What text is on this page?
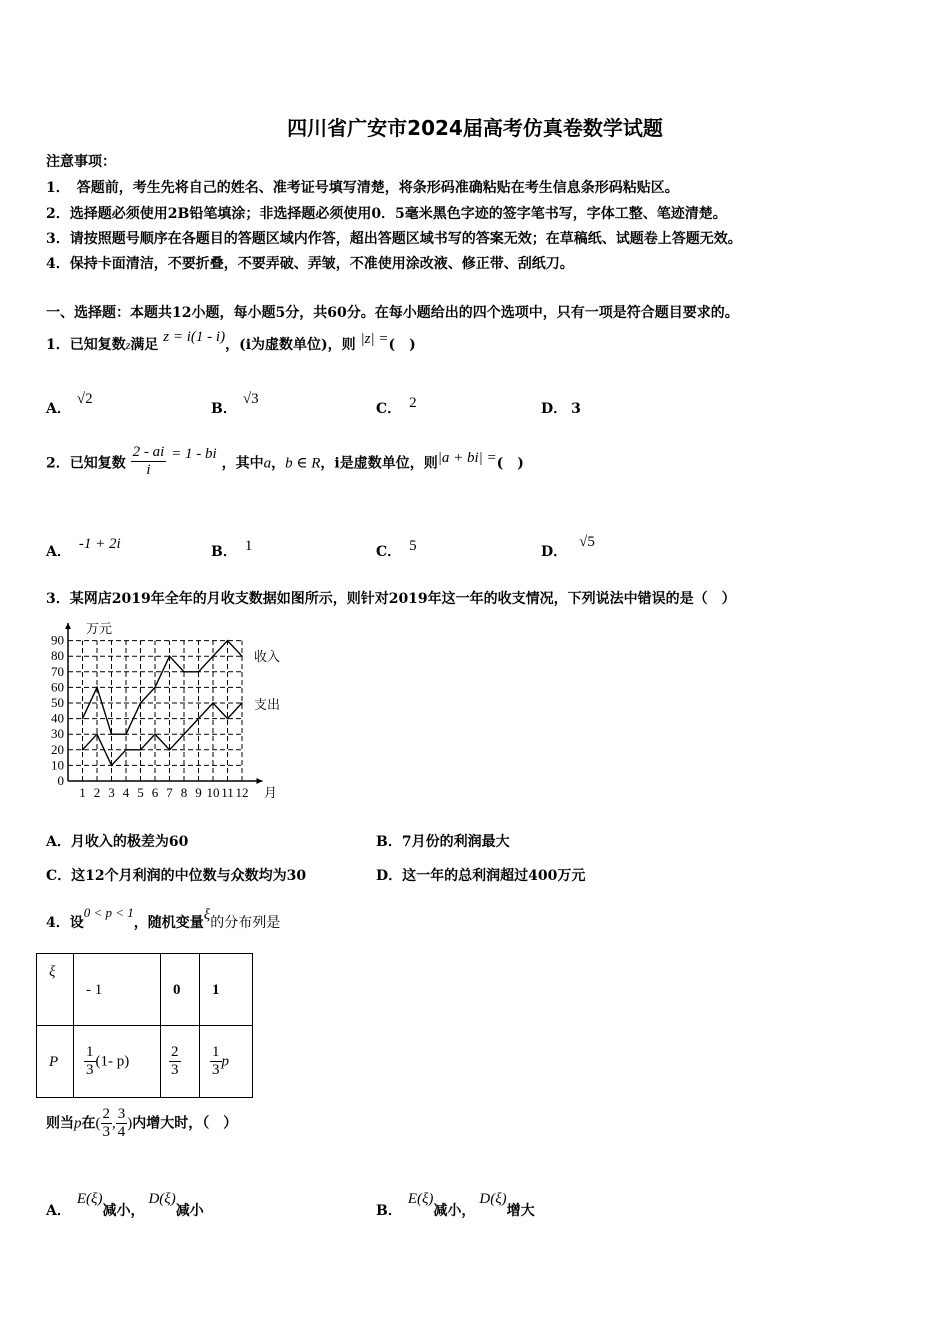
四川省广安市2024届高考仿真卷数学试题
注意事项：
1．　答题前，考生先将自己的姓名、准考证号填写清楚，将条形码准确粘贴在考生信息条形码粘贴区。
2．选择题必须使用2B铅笔填涂；非选择题必须使用0．5毫米黑色字迹的签字笔书写，字体工整、笔迹清楚。
3．请按照题号顺序在各题目的答题区域内作答，超出答题区域书写的答案无效；在草稿纸、试题卷上答题无效。
4．保持卡面清洁，不要折叠，不要弄破、弄皱，不准使用涂改液、修正带、刮纸刀。
一、选择题：本题共12小题，每小题5分，共60分。在每小题给出的四个选项中，只有一项是符合题目要求的。
1．已知复数z满足 z = i(1 - i)，(i为虚数单位)，则 |z| =(　)
A．√2
B．√3
C． 2	D． 3
2．已知复数 $\frac{2 - ai}{i} = 1$ - bi ，其中a，b ∈ R，i是虚数单位，则|a + bi| =(　)
A． -1 + 2i	B． 1	C． 5	D．√5
3．某网店2019年全年的月收支数据如图所示，则针对2019年这一年的收支情况，下列说法中错误的是（　）
0
10
20
30
40
50
60
70
80
90
1 2 3 4 5 6 7 8 9 10 11 12
万元
月
收入
支出
A．月收入的极差为60	B．7月份的利润最大
C．这12个月利润的中位数与众数均为30	D．这一年的总利润超过400万元
4．设0 < p < 1，随机变量ξ的分布列是
ξ	- 1	0	1
P	$\frac{1}{3} (1-$ p)	$\frac{2}{3}$	$\frac{1}{3}$ p
则当p在( $\frac{2}{3}$ , $\frac{3}{4}$ )内增大时，（　）
A．E(ξ)减小，D(ξ)减小	B．E(ξ)减小，D(ξ)增大
